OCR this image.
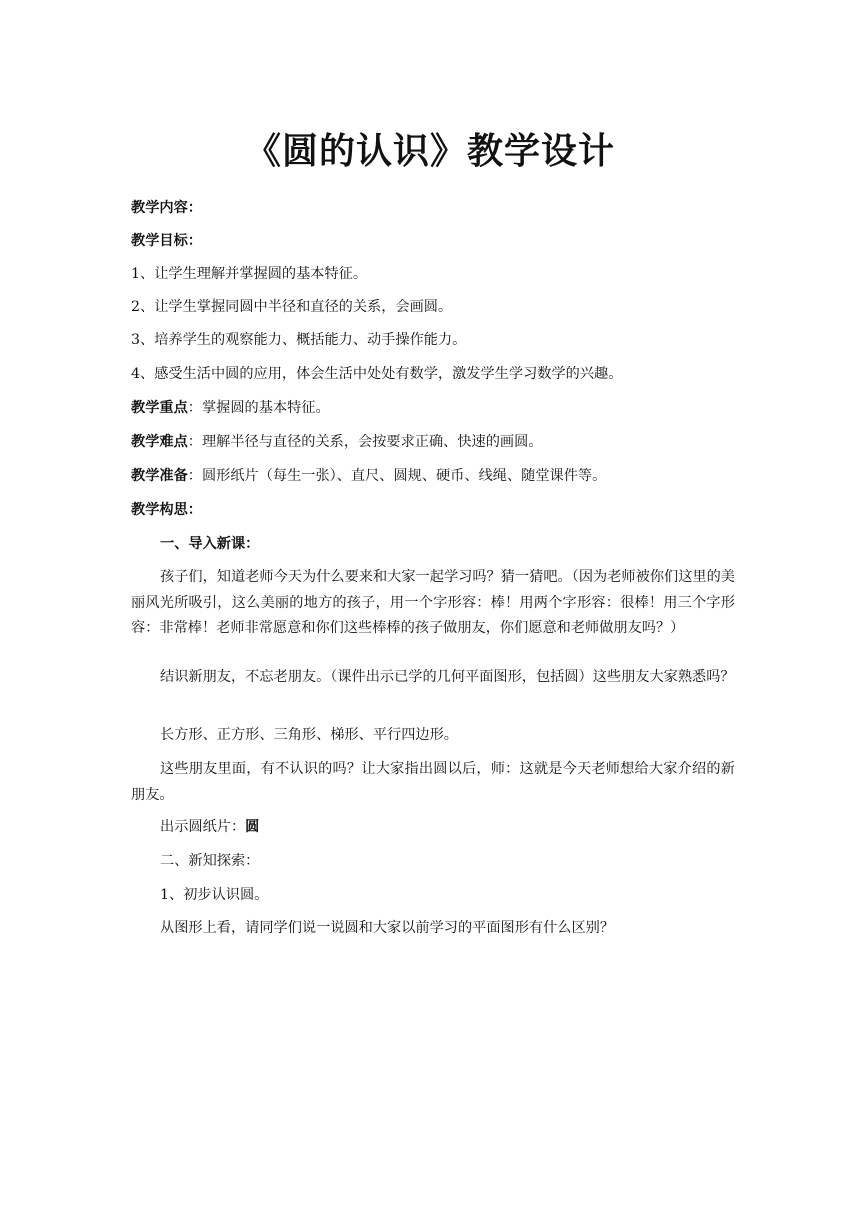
《圆的认识》教学设计
教学内容：
教学目标：
1、让学生理解并掌握圆的基本特征。
2、让学生掌握同圆中半径和直径的关系，会画圆。
3、培养学生的观察能力、概括能力、动手操作能力。
4、感受生活中圆的应用，体会生活中处处有数学，激发学生学习数学的兴趣。
教学重点：掌握圆的基本特征。
教学难点：理解半径与直径的关系，会按要求正确、快速的画圆。
教学准备：圆形纸片（每生一张）、直尺、圆规、硬币、线绳、随堂课件等。
教学构思：
一、导入新课：
孩子们，知道老师今天为什么要来和大家一起学习吗？猜一猜吧。（因为老师被你们这里的美丽风光所吸引，这么美丽的地方的孩子，用一个字形容：棒！用两个字形容：很棒！用三个字形容：非常棒！老师非常愿意和你们这些棒棒的孩子做朋友，你们愿意和老师做朋友吗？）
结识新朋友，不忘老朋友。（课件出示已学的几何平面图形，包括圆）这些朋友大家熟悉吗？
长方形、正方形、三角形、梯形、平行四边形。
这些朋友里面，有不认识的吗？让大家指出圆以后，师：这就是今天老师想给大家介绍的新朋友。
出示圆纸片：圆
二、新知探索：
1、初步认识圆。
从图形上看，请同学们说一说圆和大家以前学习的平面图形有什么区别？
